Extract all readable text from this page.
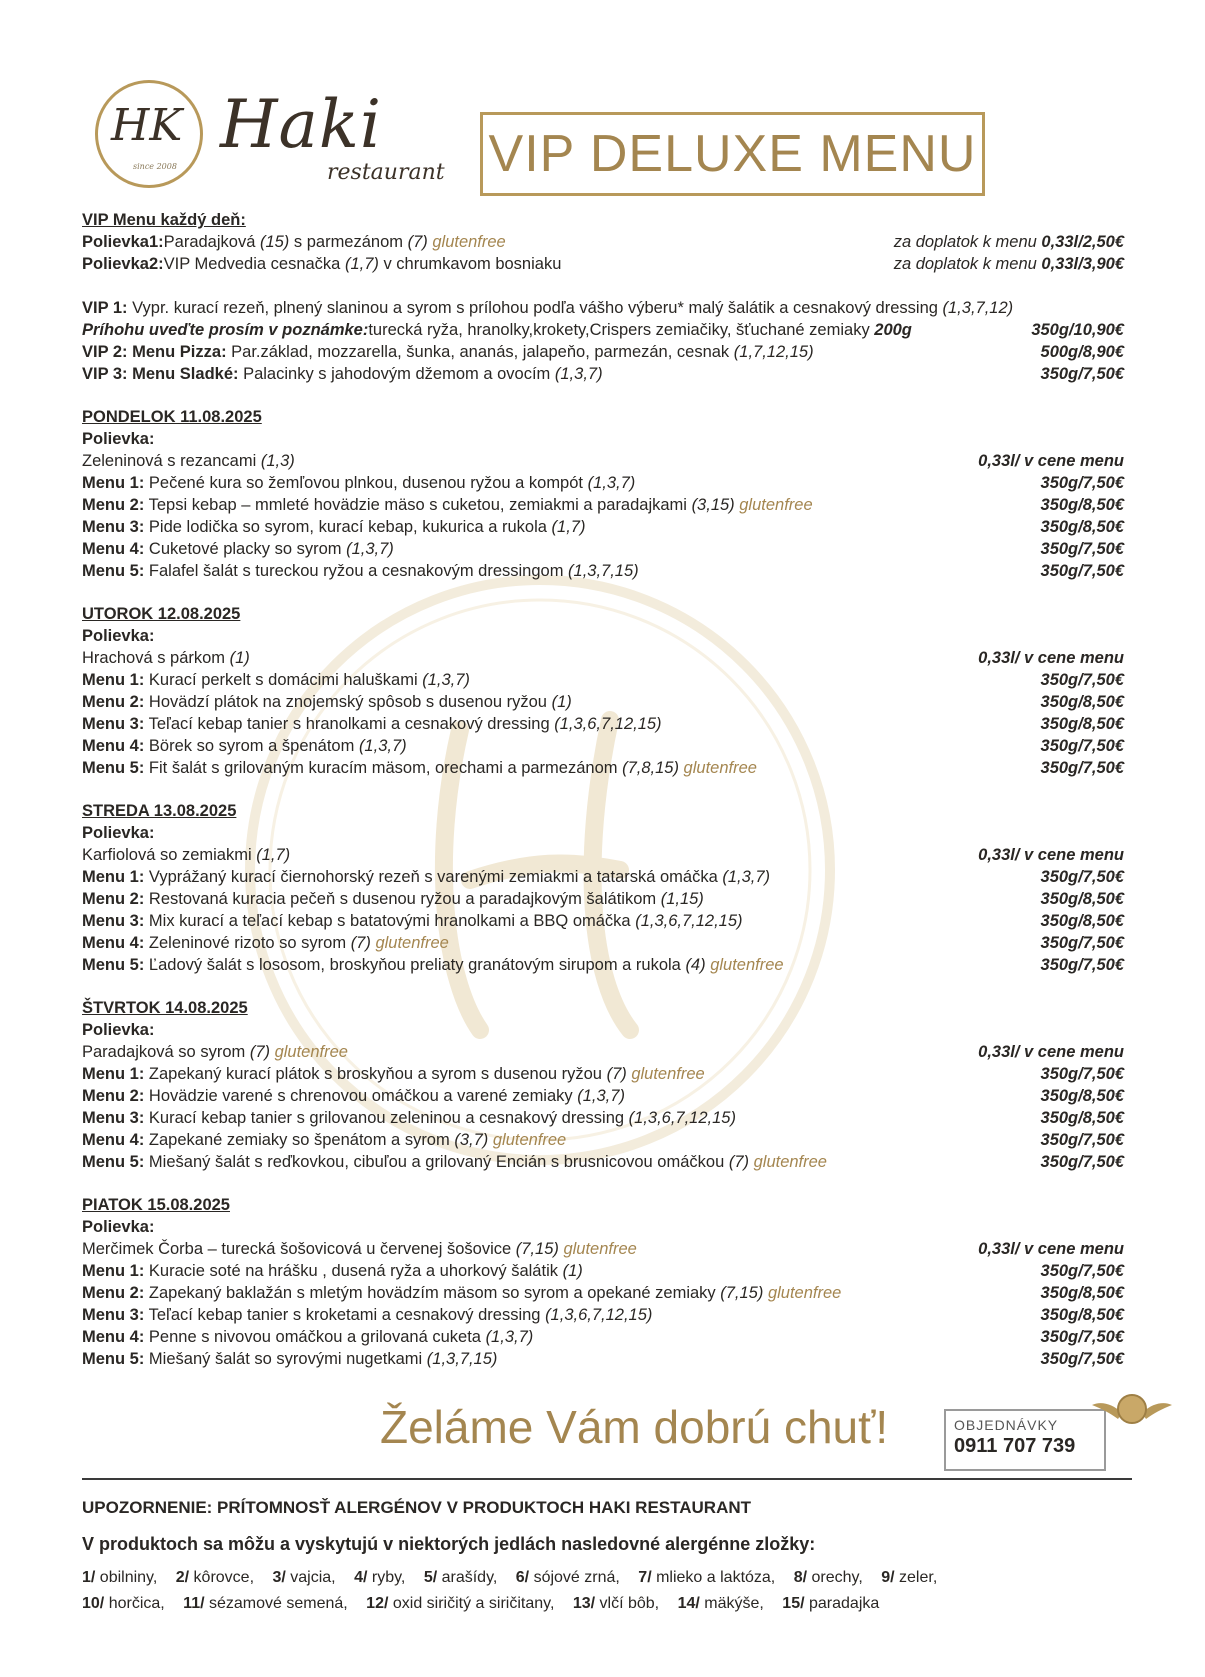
HK
since 2008
Haki
restaurant VIP DELUXE MENU
VIP Menu každý deň:
Polievka1:Paradajková (15) s parmezánom (7) glutenfree	za doplatok k menu 0,33l/2,50€
Polievka2:VIP Medvedia cesnačka (1,7) v chrumkavom bosniaku	za doplatok k menu 0,33l/3,90€
VIP 1: Vypr. kurací rezeň, plnený slaninou a syrom s prílohou podľa vášho výberu* malý šalátik a cesnakový dressing (1,3,7,12)
Príhohu uveďte prosím v poznámke:turecká ryža, hranolky,krokety,Crispers zemiačiky, šťuchané zemiaky 200g	350g/10,90€
VIP 2: Menu Pizza: Par.základ, mozzarella, šunka, ananás, jalapeňo, parmezán, cesnak (1,7,12,15)	500g/8,90€
VIP 3: Menu Sladké: Palacinky s jahodovým džemom a ovocím (1,3,7)	350g/7,50€
PONDELOK 11.08.2025
Polievka:
Zeleninová s rezancami (1,3)	0,33l/ v cene menu
Menu 1: Pečené kura so žemľovou plnkou, dusenou ryžou a kompót (1,3,7)	350g/7,50€
Menu 2: Tepsi kebap – mmleté hovädzie mäso s cuketou, zemiakmi a paradajkami (3,15) glutenfree	350g/8,50€
Menu 3: Pide lodička so syrom, kurací kebap, kukurica a rukola (1,7)	350g/8,50€
Menu 4: Cuketové placky so syrom (1,3,7)	350g/7,50€
Menu 5: Falafel šalát s tureckou ryžou a cesnakovým dressingom (1,3,7,15)	350g/7,50€
UTOROK 12.08.2025
Polievka:
Hrachová s párkom (1)	0,33l/ v cene menu
Menu 1: Kurací perkelt s domácimi haluškami (1,3,7)	350g/7,50€
Menu 2: Hovädzí plátok na znojemský spôsob s dusenou ryžou (1)	350g/8,50€
Menu 3: Teľací kebap tanier s hranolkami a cesnakový dressing (1,3,6,7,12,15)	350g/8,50€
Menu 4: Börek so syrom a špenátom (1,3,7)	350g/7,50€
Menu 5: Fit šalát s grilovaným kuracím mäsom, orechami a parmezánom (7,8,15) glutenfree	350g/7,50€
STREDA 13.08.2025
Polievka:
Karfiolová so zemiakmi (1,7)	0,33l/ v cene menu
Menu 1: Vyprážaný kurací čiernohorský rezeň s varenými zemiakmi a tatarská omáčka (1,3,7)	350g/7,50€
Menu 2: Restovaná kuracia pečeň s dusenou ryžou a paradajkovým šalátikom (1,15)	350g/8,50€
Menu 3: Mix kurací a teľací kebap s batatovými hranolkami a BBQ omáčka (1,3,6,7,12,15)	350g/8,50€
Menu 4: Zeleninové rizoto so syrom (7) glutenfree	350g/7,50€
Menu 5: Ľadový šalát s lososom, broskyňou preliaty granátovým sirupom a rukola (4) glutenfree	350g/7,50€
ŠTVRTOK 14.08.2025
Polievka:
Paradajková so syrom (7) glutenfree	0,33l/ v cene menu
Menu 1: Zapekaný kurací plátok s broskyňou a syrom s dusenou ryžou (7) glutenfree	350g/7,50€
Menu 2: Hovädzie varené s chrenovou omáčkou a varené zemiaky (1,3,7)	350g/8,50€
Menu 3: Kurací kebap tanier s grilovanou zeleninou a cesnakový dressing (1,3,6,7,12,15)	350g/8,50€
Menu 4: Zapekané zemiaky so špenátom a syrom (3,7) glutenfree	350g/7,50€
Menu 5: Miešaný šalát s reďkovkou, cibuľou a grilovaný Encián s brusnicovou omáčkou (7) glutenfree	350g/7,50€
PIATOK 15.08.2025
Polievka:
Merčimek Čorba – turecká šošovicová u červenej šošovice (7,15) glutenfree	0,33l/ v cene menu
Menu 1: Kuracie soté na hrášku , dusená ryža a uhorkový šalátik (1)	350g/7,50€
Menu 2: Zapekaný baklažán s mletým hovädzím mäsom so syrom a opekané zemiaky (7,15) glutenfree	350g/8,50€
Menu 3: Teľací kebap tanier s kroketami a cesnakový dressing (1,3,6,7,12,15)	350g/8,50€
Menu 4: Penne s nivovou omáčkou a grilovaná cuketa (1,3,7)	350g/7,50€
Menu 5: Miešaný šalát so syrovými nugetkami (1,3,7,15)	350g/7,50€
Želáme Vám dobrú chuť!	OBJEDNÁVKY
0911 707 739
UPOZORNENIE: PRÍTOMNOSŤ ALERGÉNOV V PRODUKTOCH HAKI RESTAURANT
V produktoch sa môžu a vyskytujú v niektorých jedlách nasledovné alergénne zložky:
1/ obilniny, 2/ kôrovce, 3/ vajcia, 4/ ryby, 5/ arašídy, 6/ sójové zrná, 7/ mlieko a laktóza, 8/ orechy, 9/ zeler,
10/ horčica, 11/ sézamové semená, 12/ oxid siričitý a siričitany, 13/ vlčí bôb, 14/ mäkýše, 15/ paradajka
